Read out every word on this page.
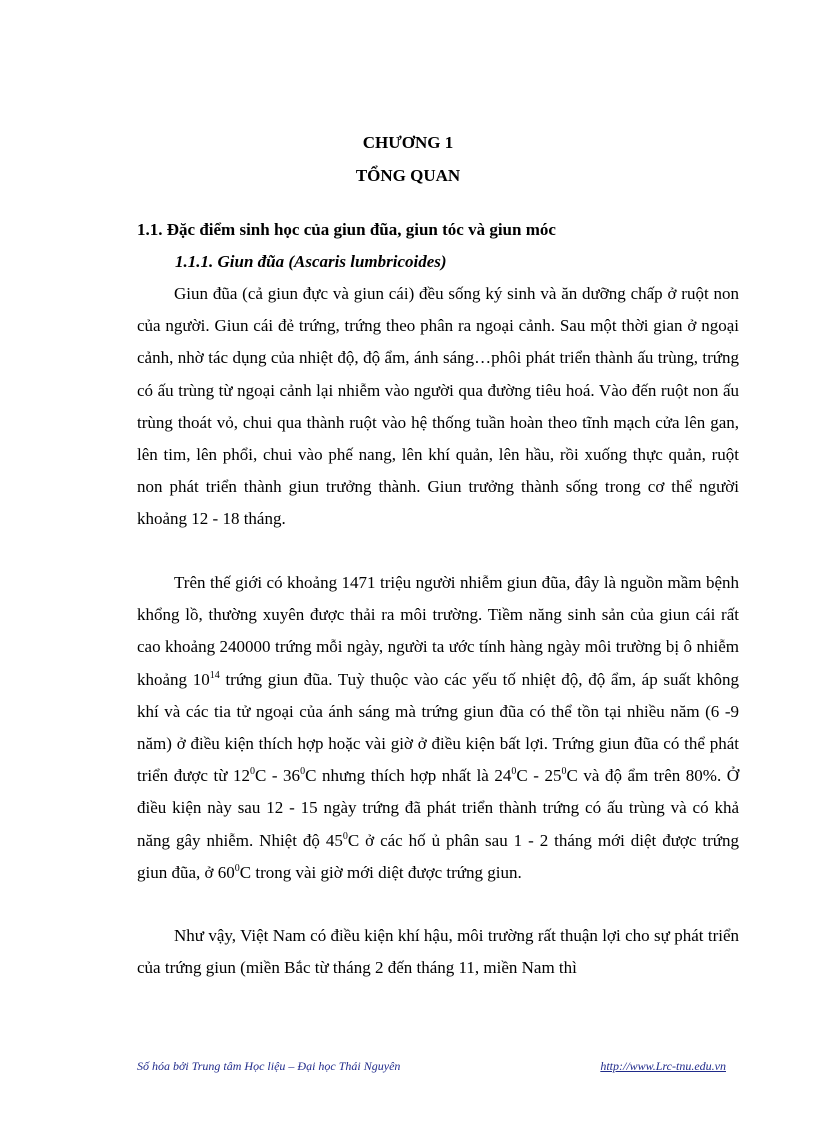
CHƯƠNG 1
TỔNG QUAN
1.1. Đặc điểm sinh học của giun đũa, giun tóc và giun móc
1.1.1. Giun đũa (Ascaris lumbricoides)

Giun đũa (cả giun đực và giun cái) đều sống ký sinh và ăn dưỡng chấp ở ruột non của người. Giun cái đẻ trứng, trứng theo phân ra ngoại cảnh. Sau một thời gian ở ngoại cảnh, nhờ tác dụng của nhiệt độ, độ ẩm, ánh sáng…phôi phát triển thành ấu trùng, trứng có ấu trùng từ ngoại cảnh lại nhiễm vào người qua đường tiêu hoá. Vào đến ruột non ấu trùng thoát vỏ, chui qua thành ruột vào hệ thống tuần hoàn theo tĩnh mạch cửa lên gan, lên tim, lên phổi, chui vào phế nang, lên khí quản, lên hầu, rồi xuống thực quản, ruột non phát triển thành giun trưởng thành. Giun trưởng thành sống trong cơ thể người khoảng 12 - 18 tháng.

Trên thế giới có khoảng 1471 triệu người nhiễm giun đũa, đây là nguồn mầm bệnh khổng lồ, thường xuyên được thải ra môi trường. Tiềm năng sinh sản của giun cái rất cao khoảng 240000 trứng mỗi ngày, người ta ước tính hàng ngày môi trường bị ô nhiễm khoảng $10^{14}$ trứng giun đũa. Tuỳ thuộc vào các yếu tố nhiệt độ, độ ẩm, áp suất không khí và các tia tử ngoại của ánh sáng mà trứng giun đũa có thể tồn tại nhiều năm (6 -9 năm) ở điều kiện thích hợp hoặc vài giờ ở điều kiện bất lợi. Trứng giun đũa có thể phát triển được từ $12^0C - 36^0C$ nhưng thích hợp nhất là $24^0C - 25^0C$ và độ ẩm trên 80%. Ở điều kiện này sau 12 - 15 ngày trứng đã phát triển thành trứng có ấu trùng và có khả năng gây nhiễm. Nhiệt độ $45^0C$ ở các hố ủ phân sau 1 - 2 tháng mới diệt được trứng giun đũa, ở $60^0C$ trong vài giờ mới diệt được trứng giun.

Như vậy, Việt Nam có điều kiện khí hậu, môi trường rất thuận lợi cho sự phát triển của trứng giun (miền Bắc từ tháng 2 đến tháng 11, miền Nam thì

Số hóa bởi Trung tâm Học liệu – Đại học Thái Nguyên	http://www.Lrc-tnu.edu.vn
